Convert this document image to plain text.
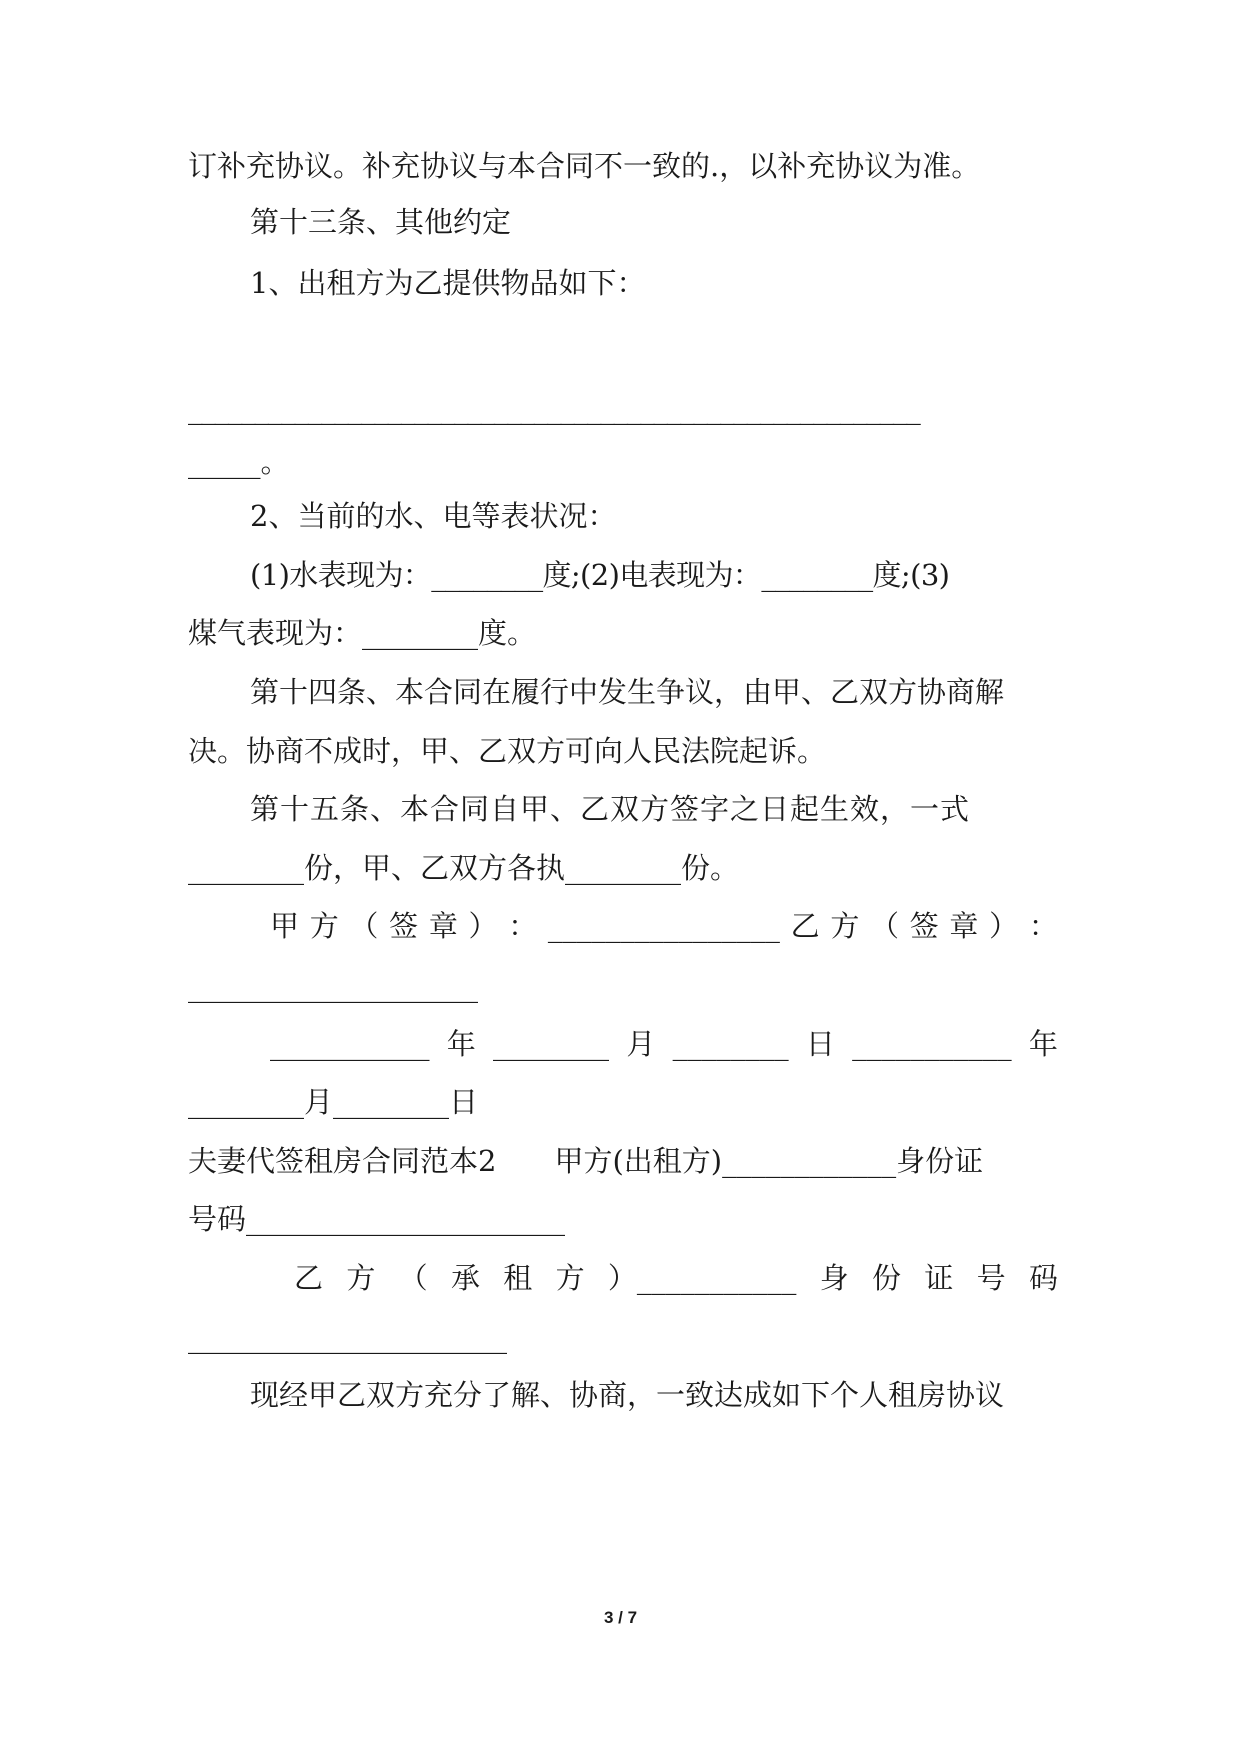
订补充协议。补充协议与本合同不一致的.，以补充协议为准。
第十三条、其他约定
1、出租方为乙提供物品如下：
_______________________________________________________
_____。
2、当前的水、电等表状况：
(1)水表现为：________度;(2)电表现为：________度;(3)
煤气表现为：________度。
第十四条、本合同在履行中发生争议，由甲、乙双方协商解
决。协商不成时，甲、乙双方可向人民法院起诉。
第十五条、本合同自甲、乙双方签字之日起生效，一式
________份，甲、乙双方各执________份。
甲 方 （ 签 章 ） ： ________________ 乙 方 （ 签 章 ） ：
____________________
___________ 年 ________ 月 ________ 日 ___________ 年
________月________日
夫妻代签租房合同范本2　　甲方(出租方)____________身份证
号码______________________
乙 方 （ 承 租 方 ）___________ 身 份 证 号 码
______________________
现经甲乙双方充分了解、协商，一致达成如下个人租房协议
3 / 7
